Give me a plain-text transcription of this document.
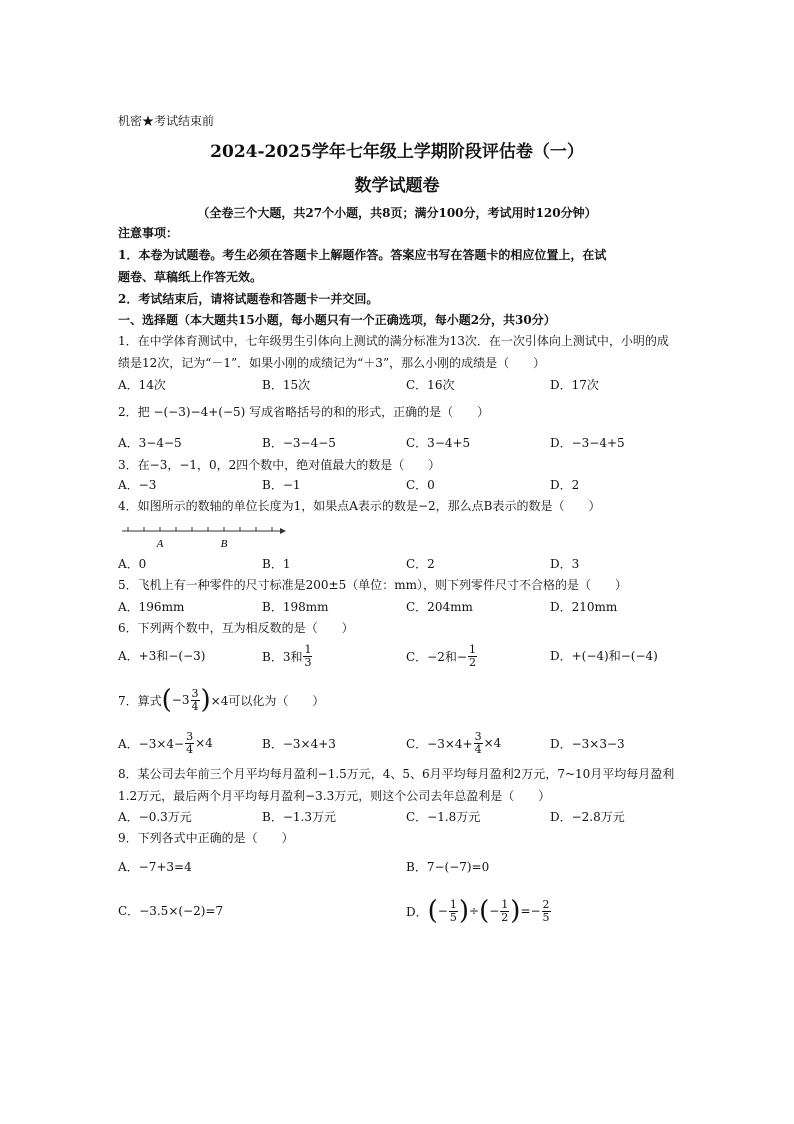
机密★考试结束前
2024-2025学年七年级上学期阶段评估卷（一）
数学试题卷
（全卷三个大题，共27个小题，共8页；满分100分，考试用时120分钟）
注意事项：
1．本卷为试题卷。考生必须在答题卡上解题作答。答案应书写在答题卡的相应位置上，在试
题卷、草稿纸上作答无效。
2．考试结束后，请将试题卷和答题卡一并交回。
一、选择题（本大题共15小题，每小题只有一个正确选项，每小题2分，共30分）
1．在中学体育测试中，七年级男生引体向上测试的满分标准为13次．在一次引体向上测试中，小明的成
绩是12次，记为“－1”．如果小刚的成绩记为“＋3”，那么小刚的成绩是（　　）
A．14次	B．15次	C．16次	D．17次
2．把 −(−3)−4+(−5) 写成省略括号的和的形式，正确的是（　　）
A．3−4−5	B．−3−4−5	C．3−4+5	D．−3−4+5
3．在−3，−1，0，2四个数中，绝对值最大的数是（　　）
A．−3	B．−1	C．0	D．2
4．如图所示的数轴的单位长度为1，如果点A表示的数是−2，那么点B表示的数是（　　）
A	B
A．0	B．1	C．2	D．3
5．飞机上有一种零件的尺寸标准是200±5（单位：mm），则下列零件尺寸不合格的是（　　）
A．196mm	B．198mm	C．204mm	D．210mm
6．下列两个数中，互为相反数的是（　　）
A．+3和−(−3)	B．3和 $\frac{1}{3}$	C．−2和− $\frac{1}{2}$	D．+(−4)和−(−4)
7．算式 ( $-3 \frac{3}{4}$ ) ×4可以化为（　　）
A．$-3\times 4- \frac{3}{4} \times 4$	B．−3×4+3	C．$-3\times 4+ \frac{3}{4} \times 4$	D．−3×3−3
8．某公司去年前三个月平均每月盈利−1.5万元，4、5、6月平均每月盈利2万元，7~10月平均每月盈利
1.2万元，最后两个月平均每月盈利−3.3万元，则这个公司去年总盈利是（　　）
A．−0.3万元	B．−1.3万元	C．−1.8万元	D．−2.8万元
9．下列各式中正确的是（　　）
A．−7+3=4	B．7−(−7)=0
C．−3.5×(−2)=7	D． ( − $\frac{1}{5}$ ) ÷ ( − $\frac{1}{2}$ ) =− $\frac{2}{5}$
